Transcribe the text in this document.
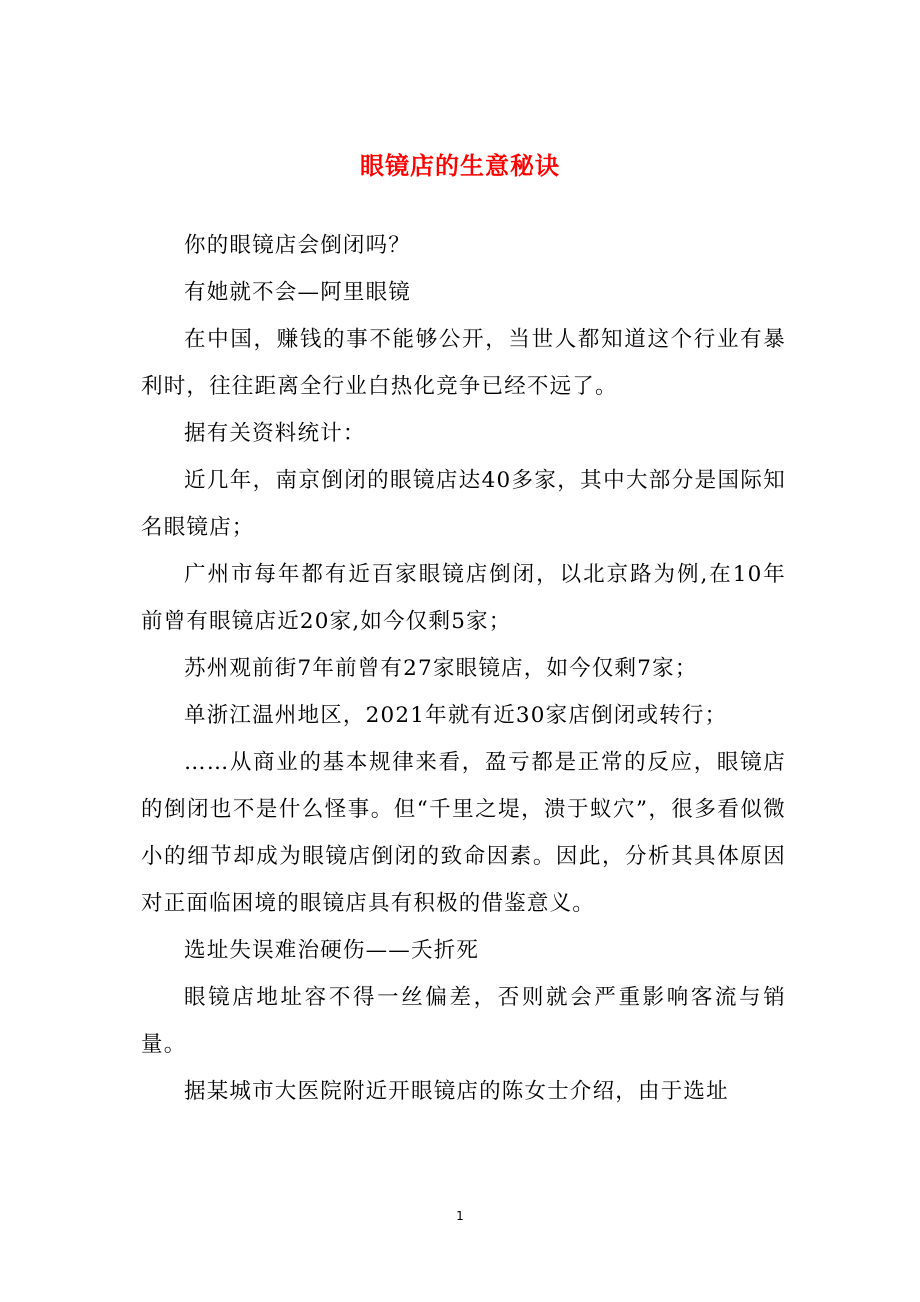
眼镜店的生意秘诀

你的眼镜店会倒闭吗？

有她就不会—阿里眼镜

在中国，赚钱的事不能够公开，当世人都知道这个行业有暴利时，往往距离全行业白热化竞争已经不远了。

据有关资料统计：

近几年，南京倒闭的眼镜店达40多家，其中大部分是国际知名眼镜店；

广州市每年都有近百家眼镜店倒闭，以北京路为例,在10年前曾有眼镜店近20家,如今仅剩5家；

苏州观前街7年前曾有27家眼镜店，如今仅剩7家；

单浙江温州地区，2021年就有近30家店倒闭或转行；

……从商业的基本规律来看，盈亏都是正常的反应，眼镜店的倒闭也不是什么怪事。但“千里之堤，溃于蚁穴”，很多看似微小的细节却成为眼镜店倒闭的致命因素。因此，分析其具体原因对正面临困境的眼镜店具有积极的借鉴意义。

选址失误难治硬伤——夭折死

眼镜店地址容不得一丝偏差，否则就会严重影响客流与销量。

据某城市大医院附近开眼镜店的陈女士介绍，由于选址

1
